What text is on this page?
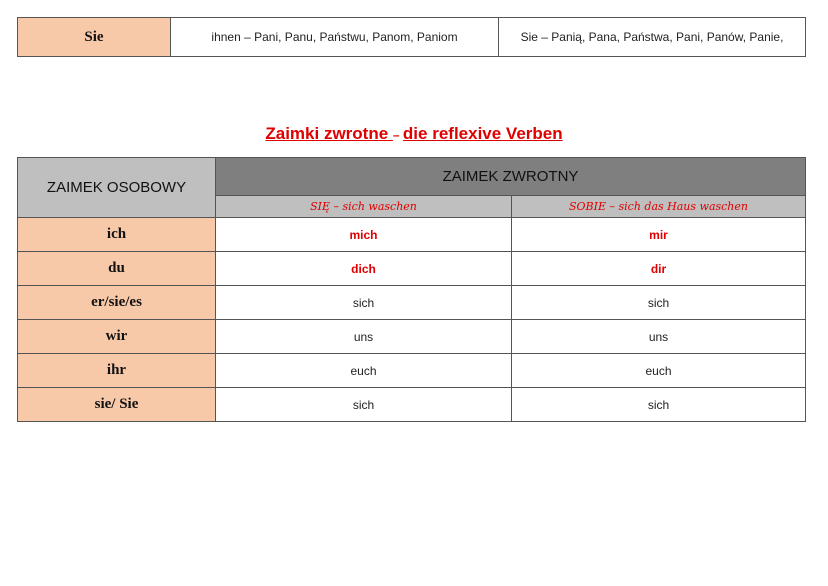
Sie	ihnen – Pani, Panu, Państwu, Panom, Paniom	Sie – Panią, Pana, Państwa, Pani, Panów, Panie,
Zaimki zwrotne – die reflexive Verben
ZAIMEK OSOBOWY	ZAIMEK ZWROTNY	
	SIĘ – sich waschen	SOBIE – sich das Haus waschen
ich	mich	mir
du	dich	dir
er/sie/es	sich	sich
wir	uns	uns
ihr	euch	euch
sie/ Sie	sich	sich
